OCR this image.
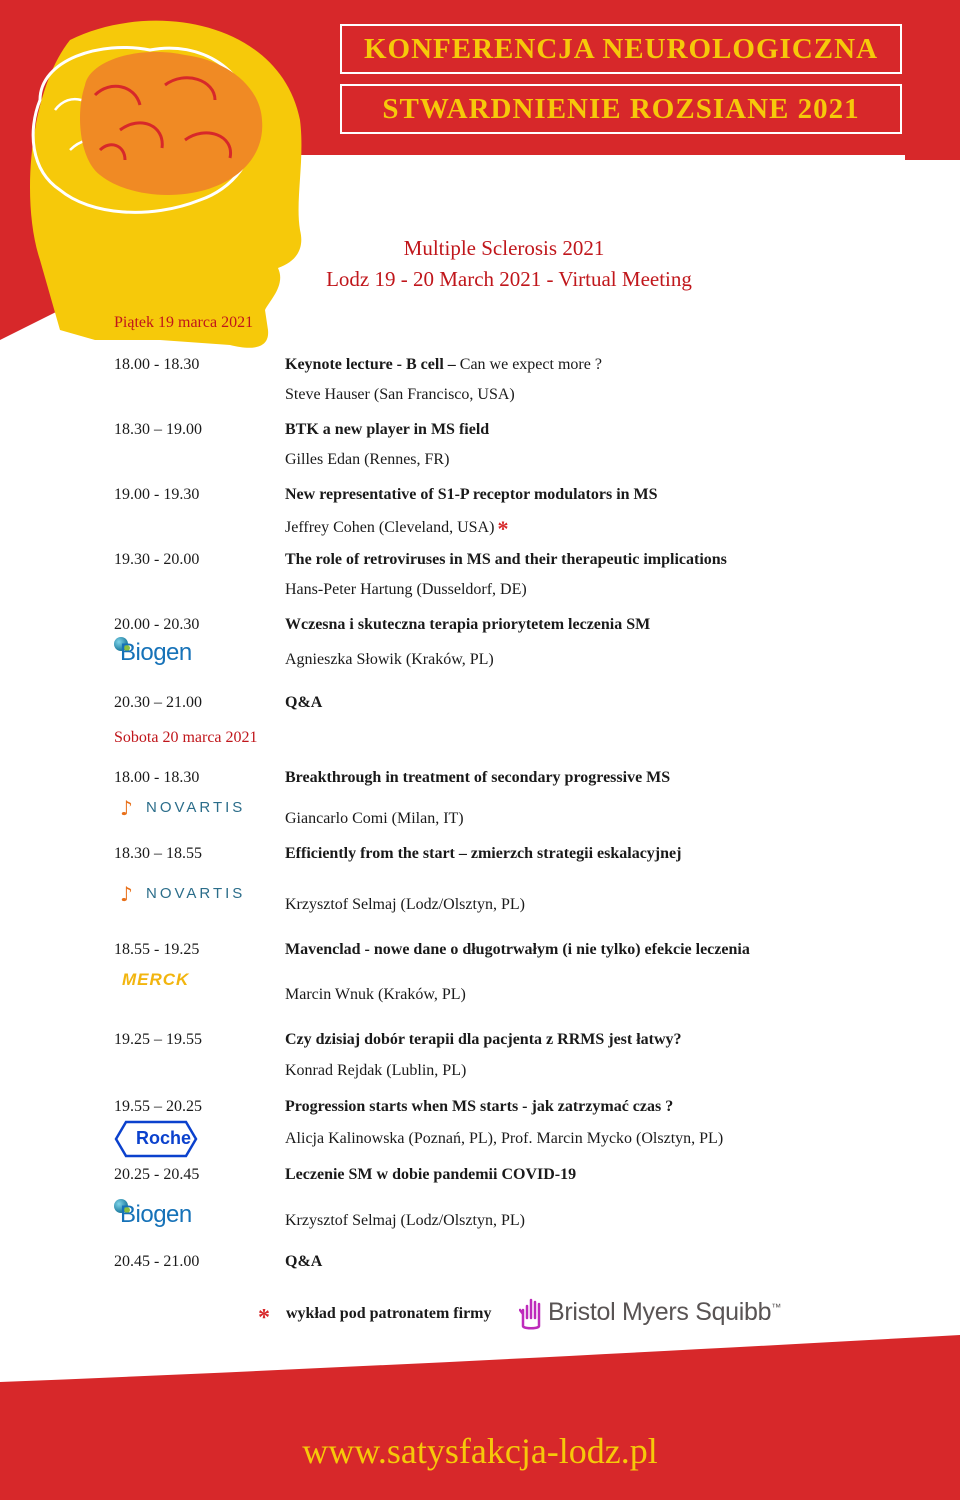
KONFERENCJA NEUROLOGICZNA
STWARDNIENIE ROZSIANE 2021
Multiple Sclerosis 2021
Lodz 19 - 20 March 2021 - Virtual Meeting
Piątek 19 marca 2021
18.00 - 18.30	Keynote lecture - B cell – Can we expect more ?
Steve Hauser (San Francisco, USA)
18.30 – 19.00	BTK a new player in MS field
Gilles Edan (Rennes, FR)
19.00 - 19.30	New representative of S1-P receptor modulators in MS
Jeffrey Cohen (Cleveland, USA) *
19.30 - 20.00	The role of retroviruses in MS and their therapeutic implications
Hans-Peter Hartung (Dusseldorf, DE)
20.00 - 20.30	Wczesna i skuteczna terapia priorytetem leczenia SM
Biogen	Agnieszka Słowik (Kraków, PL)
20.30 – 21.00	Q&A
Sobota 20 marca 2021
18.00 - 18.30	Breakthrough in treatment of secondary progressive MS
♪ NOVARTIS
Giancarlo Comi (Milan, IT)
18.30 – 18.55	Efficiently from the start – zmierzch strategii eskalacyjnej
♪ NOVARTIS
Krzysztof Selmaj (Lodz/Olsztyn, PL)
18.55 - 19.25	Mavenclad - nowe dane o długotrwałym (i nie tylko) efekcie leczenia
MERCK
Marcin Wnuk (Kraków, PL)
19.25 – 19.55	Czy dzisiaj dobór terapii dla pacjenta z RRMS jest łatwy?
Konrad Rejdak (Lublin, PL)
19.55 – 20.25	Progression starts when MS starts - jak zatrzymać czas ?
Roche	Alicja Kalinowska (Poznań, PL), Prof. Marcin Mycko (Olsztyn, PL)
20.25 - 20.45	Leczenie SM w dobie pandemii COVID-19
Biogen	Krzysztof Selmaj (Lodz/Olsztyn, PL)
20.45 - 21.00	Q&A
* wykład pod patronatem firmy Bristol Myers Squibb™
www.satysfakcja-lodz.pl
